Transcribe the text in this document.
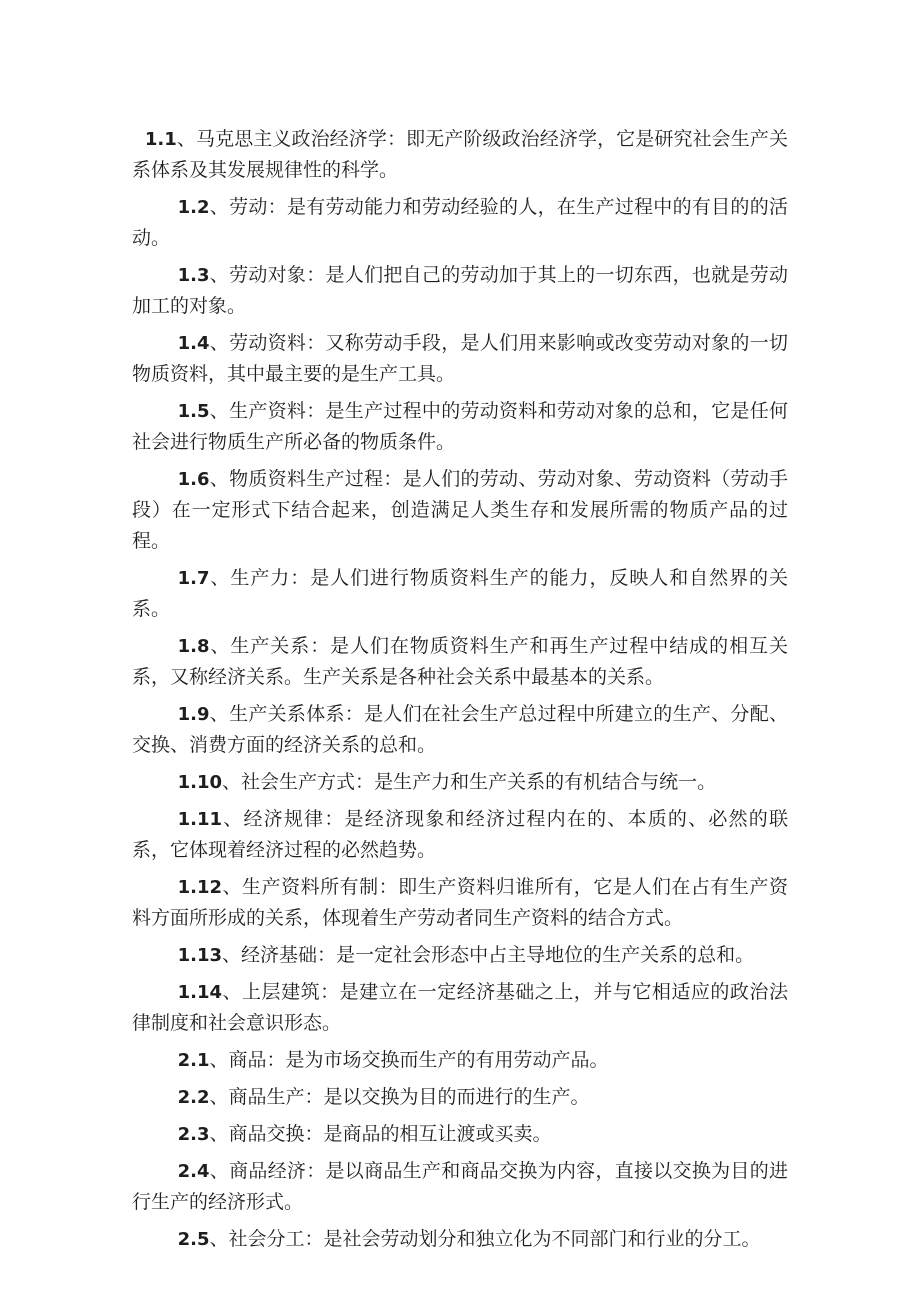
1.1、马克思主义政治经济学：即无产阶级政治经济学，它是研究社会生产关系体系及其发展规律性的科学。

1.2、劳动：是有劳动能力和劳动经验的人，在生产过程中的有目的的活动。

1.3、劳动对象：是人们把自己的劳动加于其上的一切东西，也就是劳动加工的对象。

1.4、劳动资料：又称劳动手段，是人们用来影响或改变劳动对象的一切物质资料，其中最主要的是生产工具。

1.5、生产资料：是生产过程中的劳动资料和劳动对象的总和，它是任何社会进行物质生产所必备的物质条件。

1.6、物质资料生产过程：是人们的劳动、劳动对象、劳动资料（劳动手段）在一定形式下结合起来，创造满足人类生存和发展所需的物质产品的过程。

1.7、生产力：是人们进行物质资料生产的能力，反映人和自然界的关系。

1.8、生产关系：是人们在物质资料生产和再生产过程中结成的相互关系，又称经济关系。生产关系是各种社会关系中最基本的关系。

1.9、生产关系体系：是人们在社会生产总过程中所建立的生产、分配、交换、消费方面的经济关系的总和。

1.10、社会生产方式：是生产力和生产关系的有机结合与统一。

1.11、经济规律：是经济现象和经济过程内在的、本质的、必然的联系，它体现着经济过程的必然趋势。

1.12、生产资料所有制：即生产资料归谁所有，它是人们在占有生产资料方面所形成的关系，体现着生产劳动者同生产资料的结合方式。

1.13、经济基础：是一定社会形态中占主导地位的生产关系的总和。

1.14、上层建筑：是建立在一定经济基础之上，并与它相适应的政治法律制度和社会意识形态。

2.1、商品：是为市场交换而生产的有用劳动产品。

2.2、商品生产：是以交换为目的而进行的生产。

2.3、商品交换：是商品的相互让渡或买卖。

2.4、商品经济：是以商品生产和商品交换为内容，直接以交换为目的进行生产的经济形式。

2.5、社会分工：是社会劳动划分和独立化为不同部门和行业的分工。
